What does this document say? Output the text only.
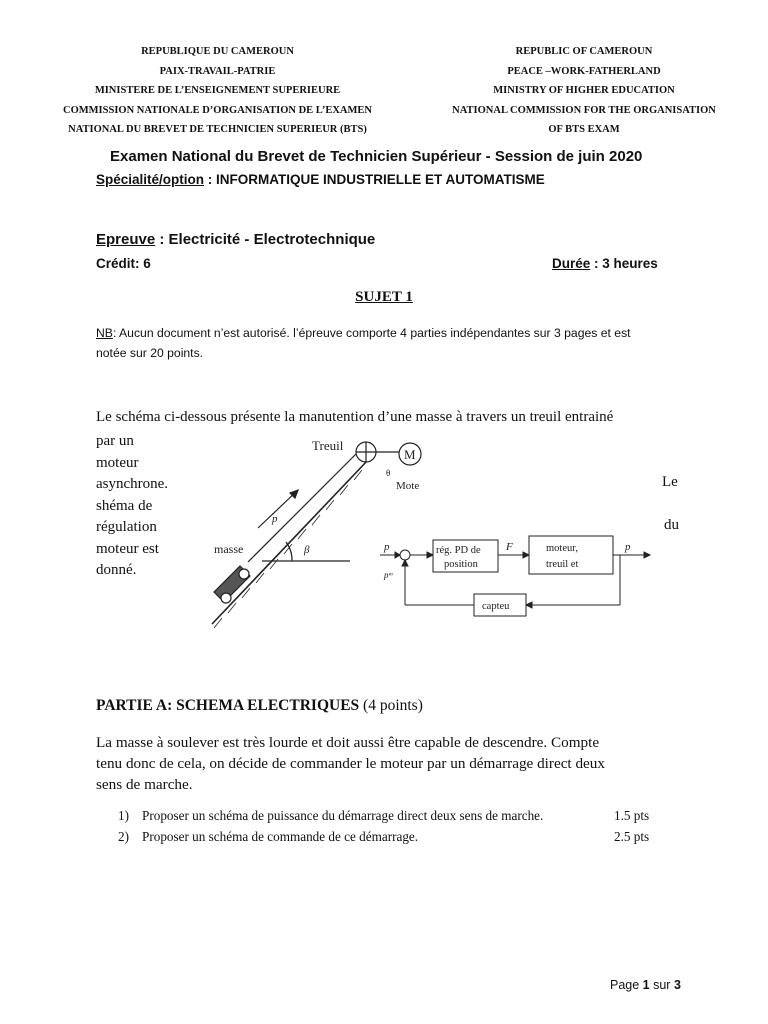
REPUBLIQUE DU CAMEROUN
PAIX-TRAVAIL-PATRIE
MINISTERE DE L’ENSEIGNEMENT SUPERIEURE
COMMISSION NATIONALE D’ORGANISATION DE L’EXAMEN
NATIONAL DU BREVET DE TECHNICIEN SUPERIEUR (BTS)
REPUBLIC OF CAMEROUN
PEACE –WORK-FATHERLAND
MINISTRY OF HIGHER EDUCATION
NATIONAL COMMISSION FOR THE ORGANISATION
OF BTS EXAM
Examen National du Brevet de Technicien Supérieur - Session de juin 2020
Spécialité/option : INFORMATIQUE INDUSTRIELLE ET AUTOMATISME
Epreuve : Electricité - Electrotechnique
Crédit: 6	Durée : 3 heures
SUJET 1
NB: Aucun document n’est autorisé. l’épreuve comporte 4 parties indépendantes sur 3 pages et est
notée sur 20 points.
Le schéma ci-dessous présente la manutention d’une masse à travers un treuil entrainé
par un
moteur
asynchrone.
shéma de
régulation
moteur est
donné.
Le
du
Treuil
M
θ
Mote
masse
p
β	p
pᵐ
rég. PD de
position
F	moteur,
treuil et
p
capteu
PARTIE A: SCHEMA ELECTRIQUES (4 points)
La masse à soulever est très lourde et doit aussi être capable de descendre. Compte
tenu donc de cela, on décide de commander le moteur par un démarrage direct deux
sens de marche.
1) Proposer un schéma de puissance du démarrage direct deux sens de marche.	1.5 pts
2) Proposer un schéma de commande de ce démarrage.	2.5 pts
Page 1 sur 3
